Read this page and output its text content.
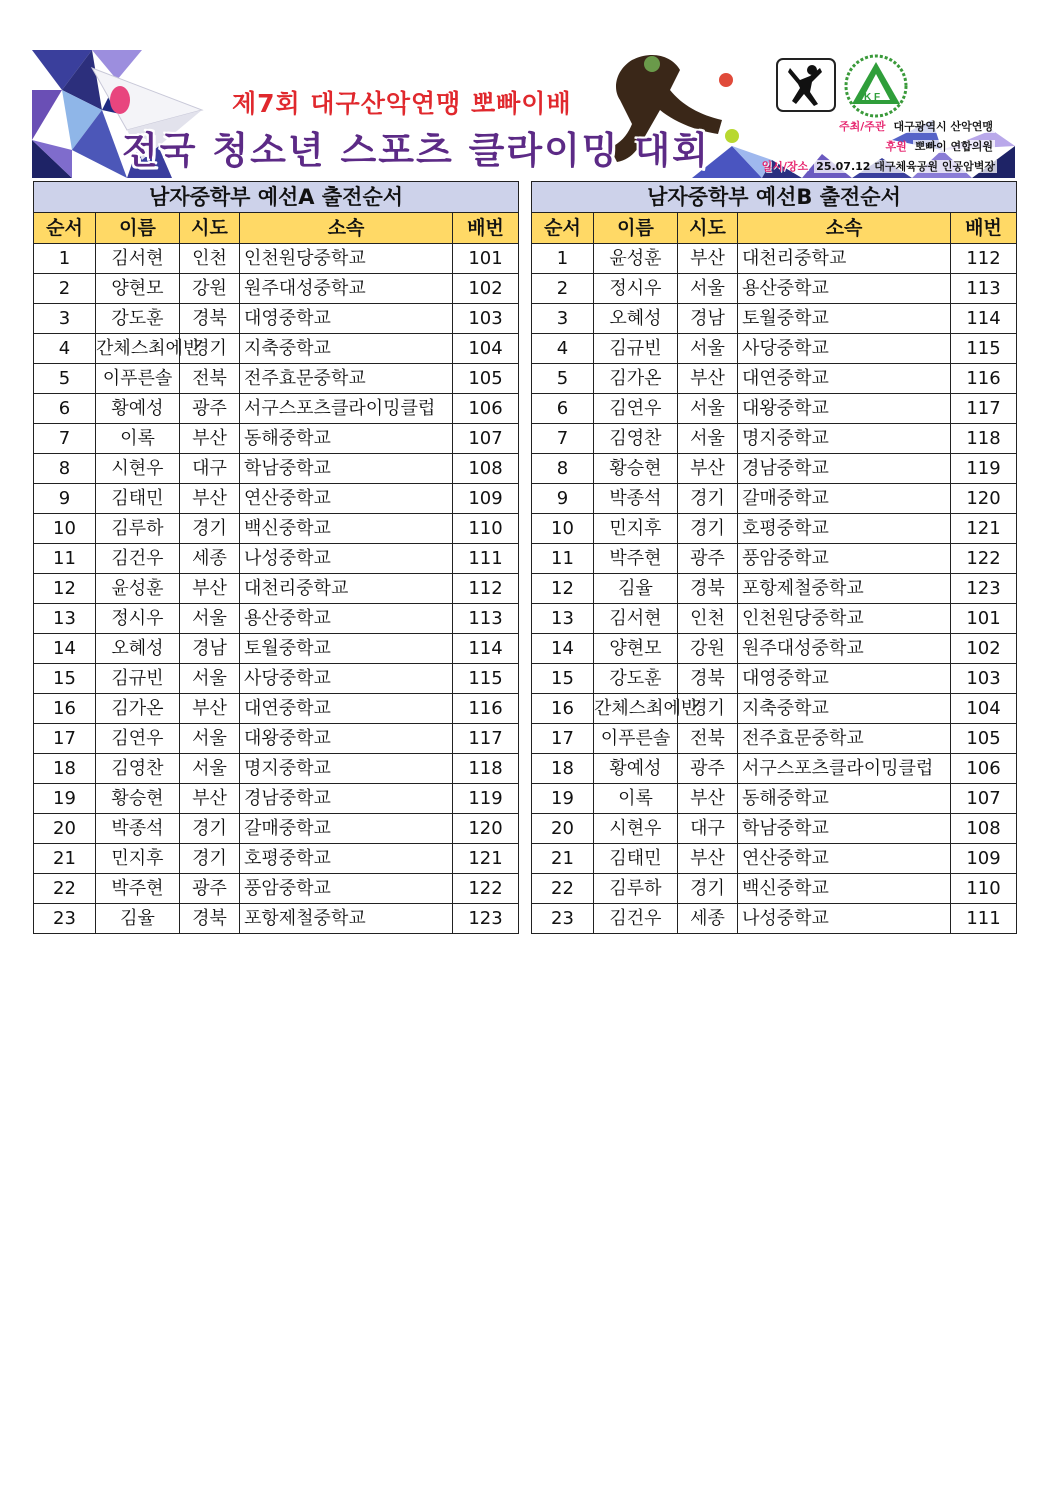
제7회 대구산악연맹 뽀빠이배
전국 청소년 스포츠 클라이밍 대회
K F
주최/주관 대구광역시 산악연맹
후원 뽀빠이 연합의원
일시/장소 25.07.12 대구체육공원 인공암벽장
남자중학부 예선A 출전순서				
순서	이름	시도	소속	배번
1	김서현	인천	인천원당중학교	101
2	양현모	강원	원주대성중학교	102
3	강도훈	경북	대영중학교	103
4	간체스최에반	경기	지축중학교	104
5	이푸른솔	전북	전주효문중학교	105
6	황예성	광주	서구스포츠클라이밍클럽	106
7	이록	부산	동해중학교	107
8	시현우	대구	학남중학교	108
9	김태민	부산	연산중학교	109
10	김루하	경기	백신중학교	110
11	김건우	세종	나성중학교	111
12	윤성훈	부산	대천리중학교	112
13	정시우	서울	용산중학교	113
14	오혜성	경남	토월중학교	114
15	김규빈	서울	사당중학교	115
16	김가온	부산	대연중학교	116
17	김연우	서울	대왕중학교	117
18	김영찬	서울	명지중학교	118
19	황승현	부산	경남중학교	119
20	박종석	경기	갈매중학교	120
21	민지후	경기	호평중학교	121
22	박주현	광주	풍암중학교	122
23	김율	경북	포항제철중학교	123
남자중학부 예선B 출전순서				
순서	이름	시도	소속	배번
1	윤성훈	부산	대천리중학교	112
2	정시우	서울	용산중학교	113
3	오혜성	경남	토월중학교	114
4	김규빈	서울	사당중학교	115
5	김가온	부산	대연중학교	116
6	김연우	서울	대왕중학교	117
7	김영찬	서울	명지중학교	118
8	황승현	부산	경남중학교	119
9	박종석	경기	갈매중학교	120
10	민지후	경기	호평중학교	121
11	박주현	광주	풍암중학교	122
12	김율	경북	포항제철중학교	123
13	김서현	인천	인천원당중학교	101
14	양현모	강원	원주대성중학교	102
15	강도훈	경북	대영중학교	103
16	간체스최에반	경기	지축중학교	104
17	이푸른솔	전북	전주효문중학교	105
18	황예성	광주	서구스포츠클라이밍클럽	106
19	이록	부산	동해중학교	107
20	시현우	대구	학남중학교	108
21	김태민	부산	연산중학교	109
22	김루하	경기	백신중학교	110
23	김건우	세종	나성중학교	111
